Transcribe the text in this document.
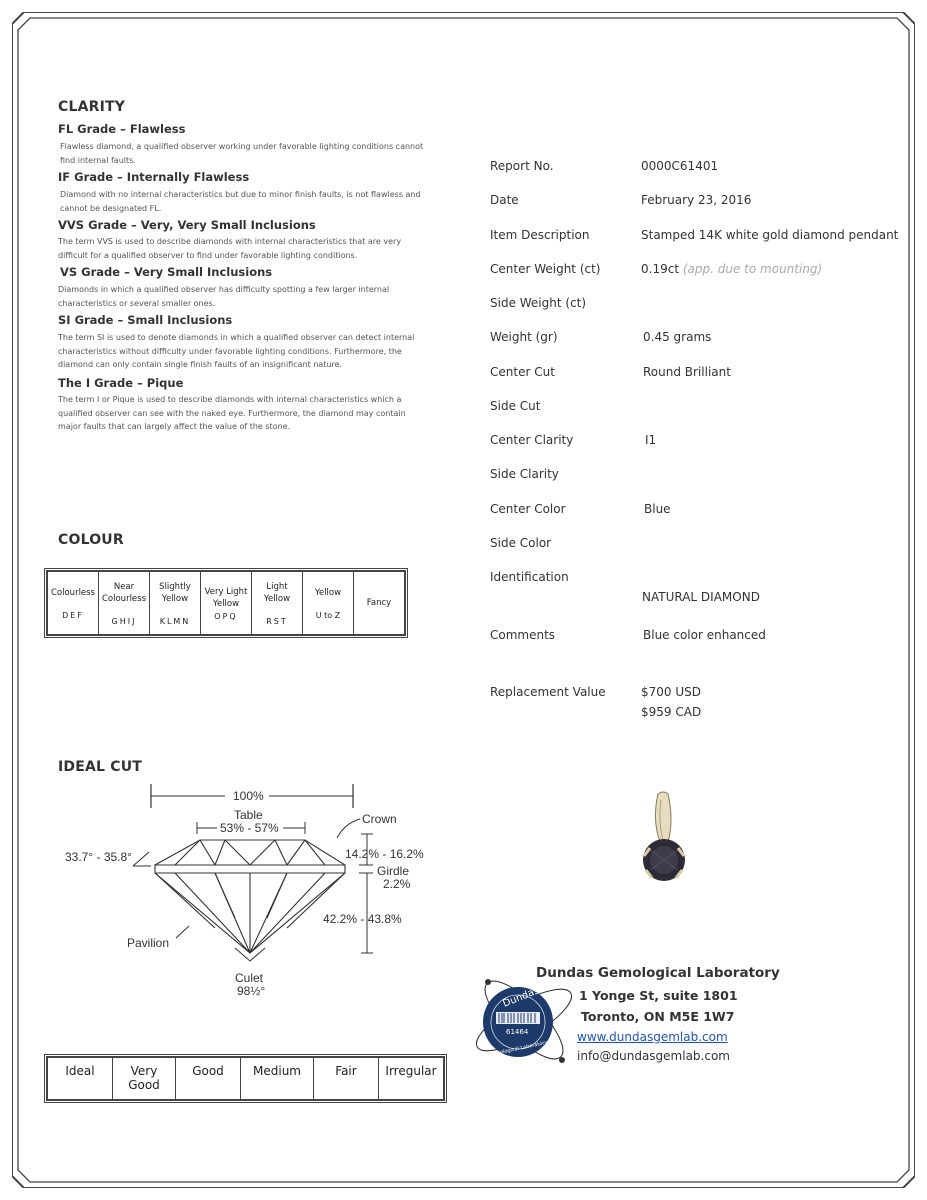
CLARITY
FL Grade – Flawless
Flawless diamond, a qualified observer working under favorable lighting conditions cannot find internal faults.
IF Grade – Internally Flawless
Diamond with no internal characteristics but due to minor finish faults, is not flawless and cannot be designated FL.
VVS Grade – Very, Very Small Inclusions
The term VVS is used to describe diamonds with internal characteristics that are very difficult for a qualified observer to find under favorable lighting conditions.
VS Grade – Very Small Inclusions
Diamonds in which a qualified observer has difficulty spotting a few larger internal characteristics or several smaller ones.
SI Grade – Small Inclusions
The term SI is used to denote diamonds in which a qualified observer can detect internal characteristics without difficulty under favorable lighting conditions. Furthermore, the diamond can only contain single finish faults of an insignificant nature.
The I Grade – Pique
The term I or Pique is used to describe diamonds with internal characteristics which a qualified observer can see with the naked eye. Furthermore, the diamond may contain major faults that can largely affect the value of the stone.
COLOUR
Colourless
DEF

Near Colourless
GHIJ

Slightly Yellow
KLMN

Very Light Yellow
OPQ

Light Yellow
RST

Yellow
U to Z

Fancy
IDEAL CUT
100%
Table
53% - 57%
Crown
33.7° - 35.8°	14.2% - 16.2%
Girdle
2.2%
42.2% - 43.8%
Pavilion
Culet
98½°
Ideal	Very Good	Good	Medium	Fair	Irregular
Report No.	0000C61401
Date	February 23, 2016
Item Description	Stamped 14K white gold diamond pendant
Center Weight (ct)	0.19ct (app. due to mounting)
Side Weight (ct)
Weight (gr)	0.45 grams
Center Cut	Round Brilliant
Side Cut
Center Clarity	I1
Side Clarity
Center Color	Blue
Side Color
Identification
NATURAL DIAMOND
Comments	Blue color enhanced
Replacement Value	$700 USD
$959 CAD
Dundas
61464
Gemological Laboratory
Dundas Gemological Laboratory
1 Yonge St, suite 1801
Toronto, ON M5E 1W7
www.dundasgemlab.com
info@dundasgemlab.com
